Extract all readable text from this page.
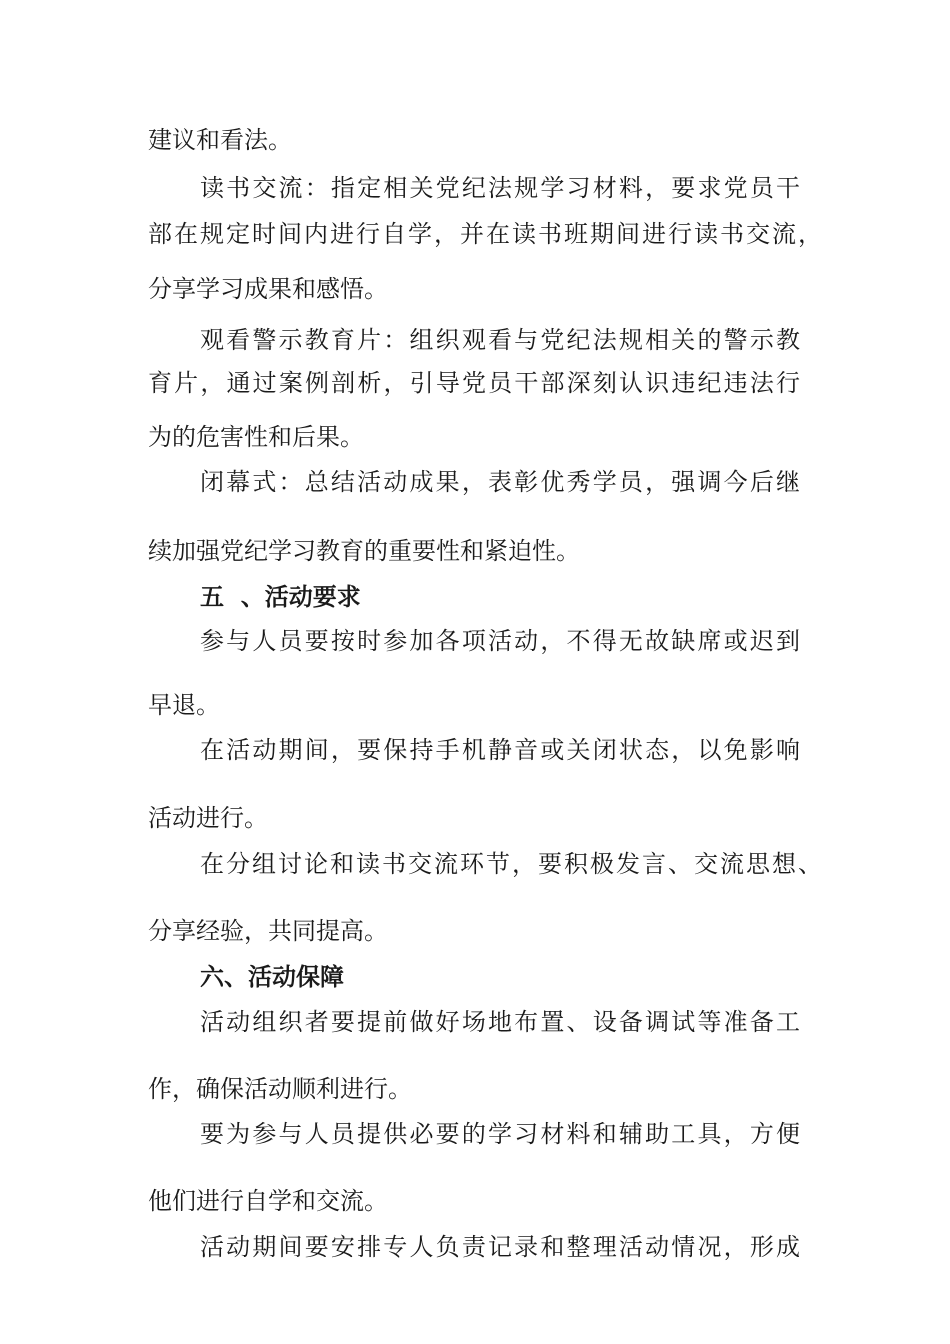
建议和看法。
读书交流：指定相关党纪法规学习材料，要求党员干
部在规定时间内进行自学，并在读书班期间进行读书交流，
分享学习成果和感悟。
观看警示教育片：组织观看与党纪法规相关的警示教
育片，通过案例剖析，引导党员干部深刻认识违纪违法行
为的危害性和后果。
闭幕式：总结活动成果，表彰优秀学员，强调今后继
续加强党纪学习教育的重要性和紧迫性。
五  、活动要求
参与人员要按时参加各项活动，不得无故缺席或迟到
早退。
在活动期间，要保持手机静音或关闭状态，以免影响
活动进行。
在分组讨论和读书交流环节，要积极发言、交流思想、
分享经验，共同提高。
六、活动保障
活动组织者要提前做好场地布置、设备调试等准备工
作，确保活动顺利进行。
要为参与人员提供必要的学习材料和辅助工具，方便
他们进行自学和交流。
活动期间要安排专人负责记录和整理活动情况，形成
